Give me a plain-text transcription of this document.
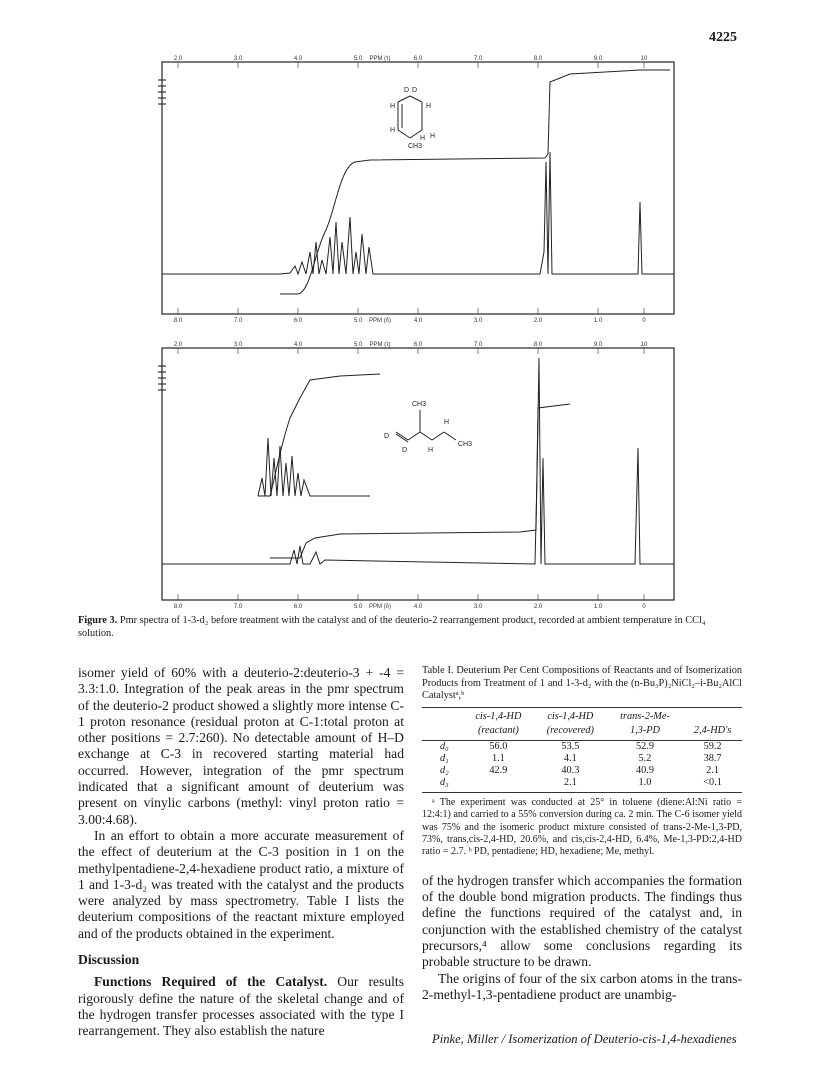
4225
2.0	3.0	4.0	5.0 PPM (τ)	6.0	7.0	8.0	9.0	10
8.0	7.0	6.0	5.0 PPM (δ)	4.0	3.0	2.0	1.0	0
D D
H	H
H
H H
CH3
2.0	3.0	4.0	5.0 PPM (τ)	6.0	7.0	8.0	9.0	10
8.0	7.0	6.0	5.0 PPM (δ)	4.0	3.0	2.0	1.0	0
CH3
H
CH3
D
D	H
Figure 3. Pmr spectra of 1-3-d₂ before treatment with the catalyst and of the deuterio-2 rearrangement product, recorded at ambient temperature in CCl₄ solution.

isomer yield of 60% with a deuterio-2:deuterio-3 + -4 = 3.3:1.0. Integration of the peak areas in the pmr spectrum of the deuterio-2 product showed a slightly more intense C-1 proton resonance (residual proton at C-1:total proton at other positions = 2.7:260). No detectable amount of H–D exchange at C-3 in recovered starting material had occurred. However, integration of the pmr spectrum indicated that a significant amount of deuterium was present on vinylic carbons (methyl: vinyl proton ratio = 3.00:4.68).

In an effort to obtain a more accurate measurement of the effect of deuterium at the C-3 position in 1 on the methylpentadiene-2,4-hexadiene product ratio, a mixture of 1 and 1-3-d₂ was treated with the catalyst and the products were analyzed by mass spectrometry. Table I lists the deuterium compositions of the reactant mixture employed and of the products obtained in the experiment.

Discussion

Functions Required of the Catalyst. Our results rigorously define the nature of the skeletal change and of the hydrogen transfer processes associated with the type I rearrangement. They also establish the nature

Table I. Deuterium Per Cent Compositions of Reactants and of Isomerization Products from Treatment of 1 and 1-3-d₂ with the (n-Bu₃P)₂NiCl₂–i-Bu₂AlCl Catalystᵃ,ᵇ
	cis-1,4-HD	cis-1,4-HD	trans-2-Me-	
	(reactant)	(recovered)	1,3-PD	2,4-HD's
d₀	56.0	53.5	52.9	59.2
d₁	1.1	4.1	5.2	38.7
d₂	42.9	40.3	40.9	2.1
d₃		2.1	1.0	<0.1
ᵃ The experiment was conducted at 25° in toluene (diene:Al:Ni ratio = 12:4:1) and carried to a 55% conversion during ca. 2 min. The C-6 isomer yield was 75% and the isomeric product mixture consisted of trans-2-Me-1,3-PD, 73%, trans,cis-2,4-HD, 20.6%, and cis,cis-2,4-HD, 6.4%, Me-1,3-PD:2,4-HD ratio = 2.7. ᵇ PD, pentadiene; HD, hexadiene; Me, methyl.

of the hydrogen transfer which accompanies the formation of the double bond migration products. The findings thus define the functions required of the catalyst and, in conjunction with the established chemistry of the catalyst precursors,⁴ allow some conclusions regarding its probable structure to be drawn.

The origins of four of the six carbon atoms in the trans-2-methyl-1,3-pentadiene product are unambig-

Pinke, Miller / Isomerization of Deuterio-cis-1,4-hexadienes
